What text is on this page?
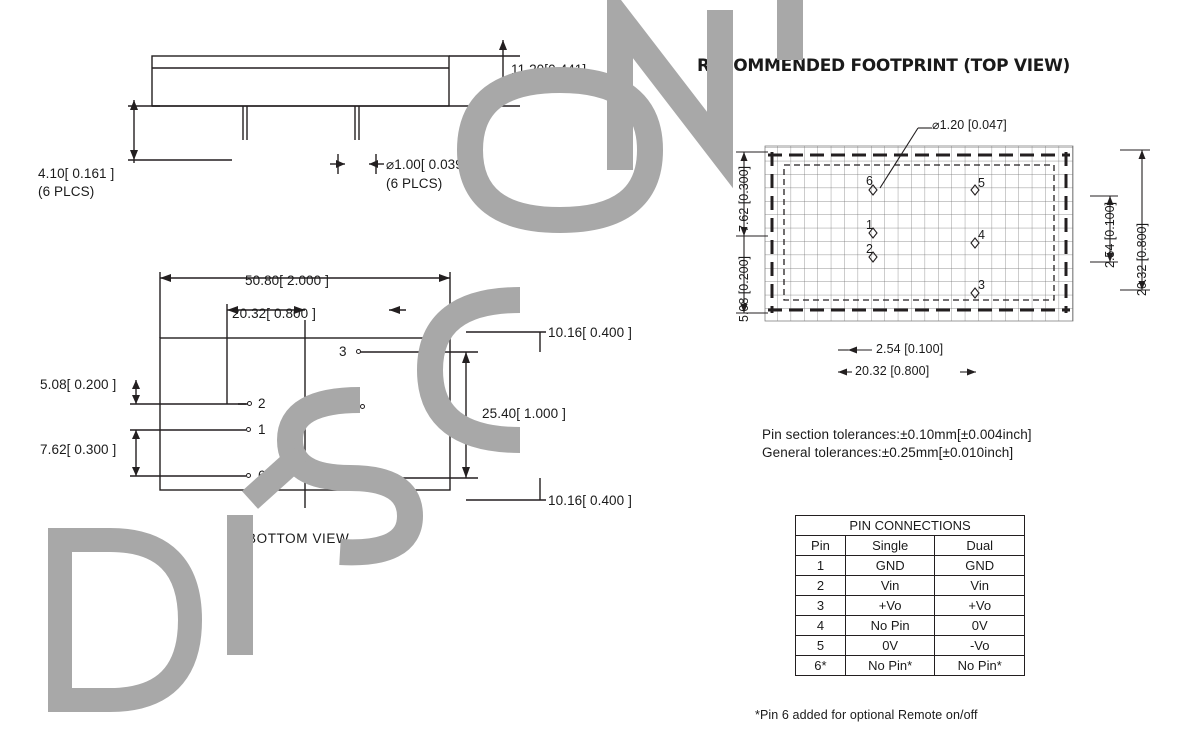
11.20[0.441]
4.10[ 0.161 ]
(6 PLCS)
⌀1.00[ 0.039 ]
(6 PLCS)
3
2	4
1
6	5
50.80[ 2.000 ]
20.32[ 0.800 ]
10.16[ 0.400 ]
10.16[ 0.400 ]
25.40[ 1.000 ]
5.08[ 0.200 ]
7.62[ 0.300 ]
BOTTOM VIEW
RECOMMENDED FOOTPRINT (TOP VIEW)
⌀1.20 [0.047]
7.62 [0.300]
5.08 [0.200]
2.54 [0.100] 20.32 [0.800]
2.54 [0.100]
20.32 [0.800]
6	5
1
4
2
3
Pin section tolerances:±0.10mm[±0.004inch]
General tolerances:±0.25mm[±0.010inch]
PIN CONNECTIONS		
Pin	Single	Dual
1	GND	GND
2	Vin	Vin
3	+Vo	+Vo
4	No Pin	0V
5	0V	-Vo
6*	No Pin*	No Pin*
*Pin 6 added for optional Remote on/off
